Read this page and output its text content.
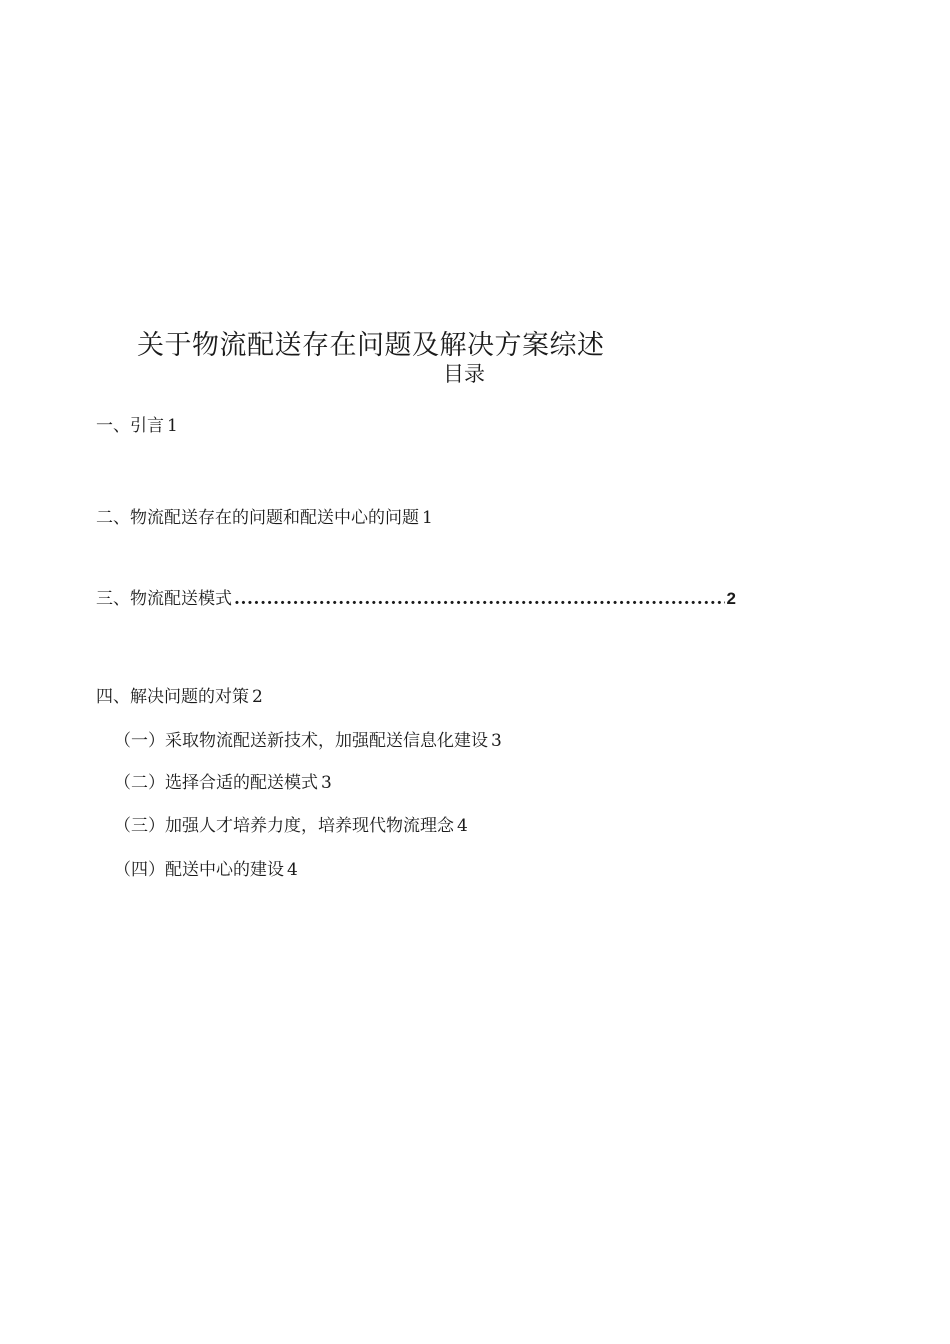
关于物流配送存在问题及解决方案综述
目录
一、引言 1
二、物流配送存在的问题和配送中心的问题 1
三、物流配送模式
.....	2
四、解决问题的对策 2
（一）采取物流配送新技术，加强配送信息化建设 3
（二）选择合适的配送模式 3
（三）加强人才培养力度，培养现代物流理念 4
（四）配送中心的建设 4
